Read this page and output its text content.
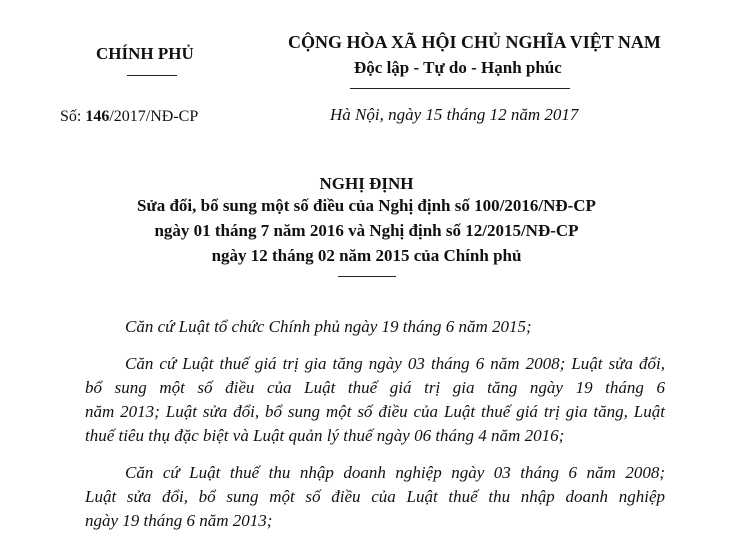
CHÍNH PHỦ
CỘNG HÒA XÃ HỘI CHỦ NGHĨA VIỆT NAM
Độc lập - Tự do - Hạnh phúc
Số: 146/2017/NĐ-CP	Hà Nội, ngày 15 tháng 12 năm 2017
NGHỊ ĐỊNH
Sửa đổi, bổ sung một số điều của Nghị định số 100/2016/NĐ-CP
ngày 01 tháng 7 năm 2016 và Nghị định số 12/2015/NĐ-CP
ngày 12 tháng 02 năm 2015 của Chính phủ
Căn cứ Luật tổ chức Chính phủ ngày 19 tháng 6 năm 2015;
Căn cứ Luật thuế giá trị gia tăng ngày 03 tháng 6 năm 2008; Luật sửa đổi,
bổ sung một số điều của Luật thuế giá trị gia tăng ngày 19 tháng 6
năm 2013; Luật sửa đổi, bổ sung một số điều của Luật thuế giá trị gia tăng, Luật
thuế tiêu thụ đặc biệt và Luật quản lý thuế ngày 06 tháng 4 năm 2016;
Căn cứ Luật thuế thu nhập doanh nghiệp ngày 03 tháng 6 năm 2008;
Luật sửa đổi, bổ sung một số điều của Luật thuế thu nhập doanh nghiệp
ngày 19 tháng 6 năm 2013;
